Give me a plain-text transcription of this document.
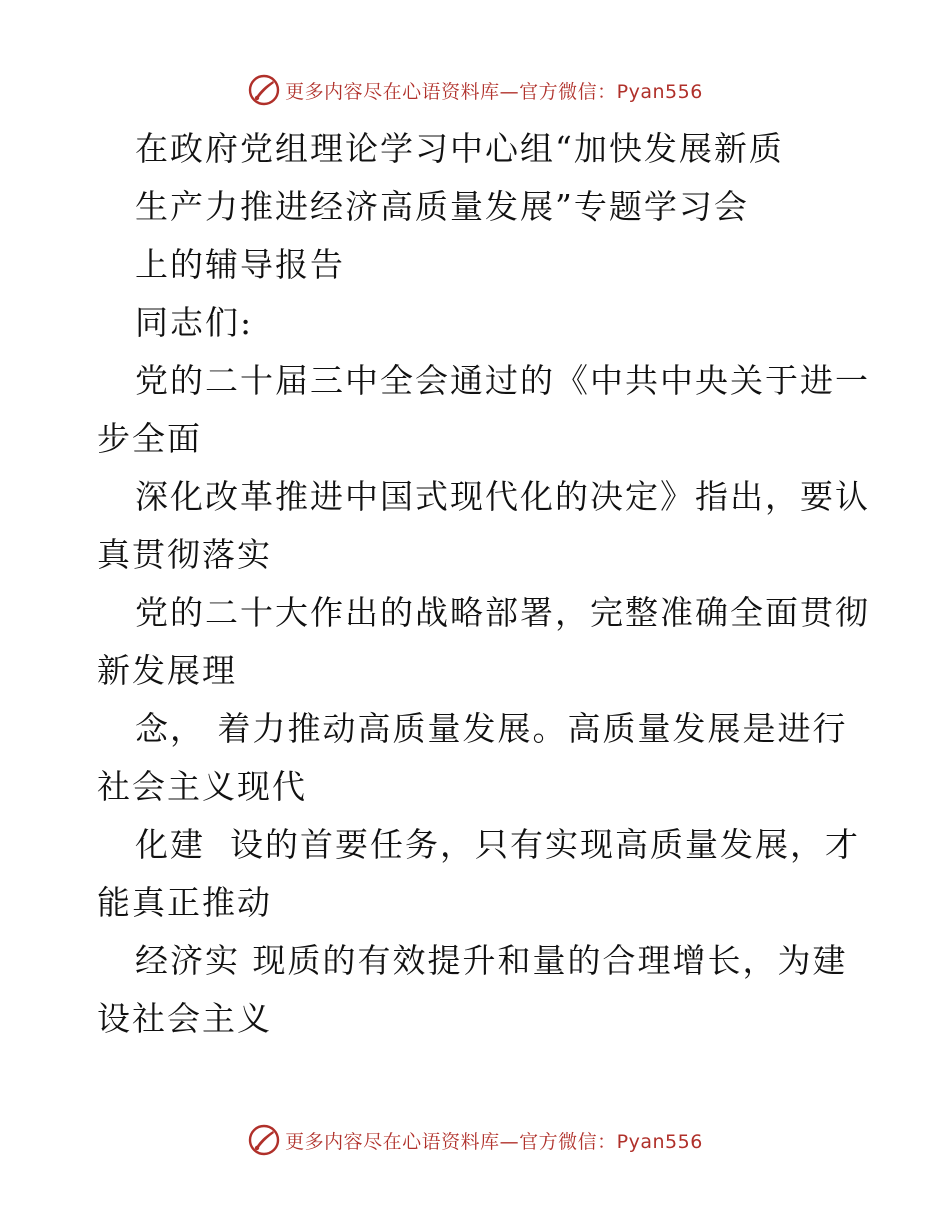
更多内容尽在心语资料库—官方微信：Pyan556
在政府党组理论学习中心组“加快发展新质
生产力推进经济高质量发展”专题学习会
上的辅导报告
同志们:
党的二十届三中全会通过的《中共中央关于进一
步全面
深化改革推进中国式现代化的决定》指出，要认
真贯彻落实
党的二十大作出的战略部署，完整准确全面贯彻
新发展理
念， 着力推动高质量发展。高质量发展是进行
社会主义现代
化建  设的首要任务，只有实现高质量发展，才
能真正推动
经济实 现质的有效提升和量的合理增长，为建
设社会主义
更多内容尽在心语资料库—官方微信：Pyan556
